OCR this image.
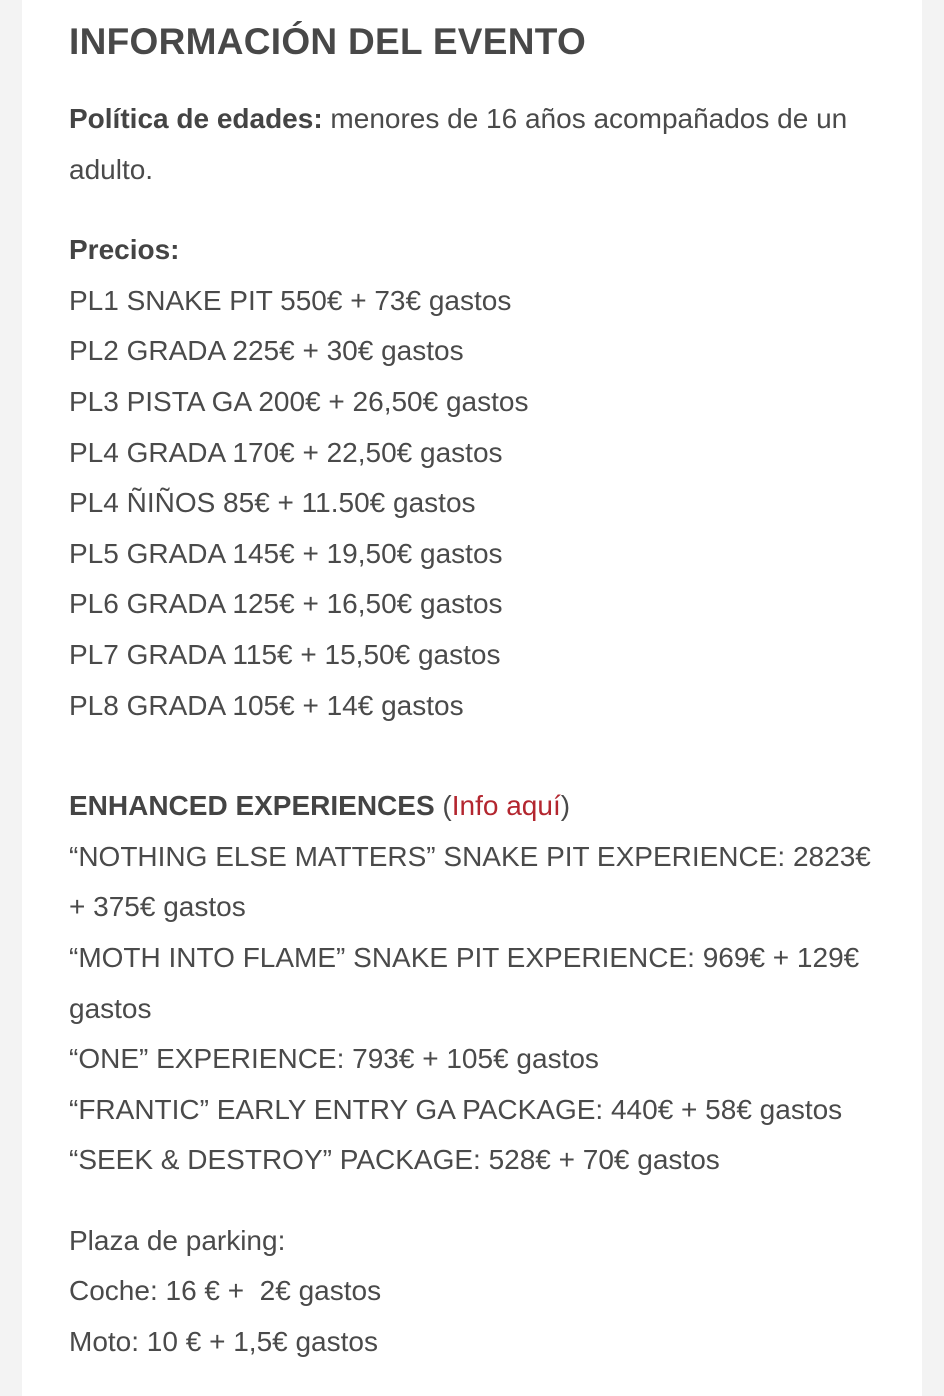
INFORMACIÓN DEL EVENTO

Política de edades: menores de 16 años acompañados de un adulto.

Precios:
PL1 SNAKE PIT 550€ + 73€ gastos
PL2 GRADA 225€ + 30€ gastos
PL3 PISTA GA 200€ + 26,50€ gastos
PL4 GRADA 170€ + 22,50€ gastos
PL4 ÑIÑOS 85€ + 11.50€ gastos
PL5 GRADA 145€ + 19,50€ gastos
PL6 GRADA 125€ + 16,50€ gastos
PL7 GRADA 115€ + 15,50€ gastos
PL8 GRADA 105€ + 14€ gastos

ENHANCED EXPERIENCES (Info aquí)
“NOTHING ELSE MATTERS” SNAKE PIT EXPERIENCE: 2823€ + 375€ gastos
“MOTH INTO FLAME” SNAKE PIT EXPERIENCE: 969€ + 129€ gastos
“ONE” EXPERIENCE: 793€ + 105€ gastos
“FRANTIC” EARLY ENTRY GA PACKAGE: 440€ + 58€ gastos
“SEEK & DESTROY” PACKAGE: 528€ + 70€ gastos

Plaza de parking:
Coche: 16 € +  2€ gastos
Moto: 10 € + 1,5€ gastos
